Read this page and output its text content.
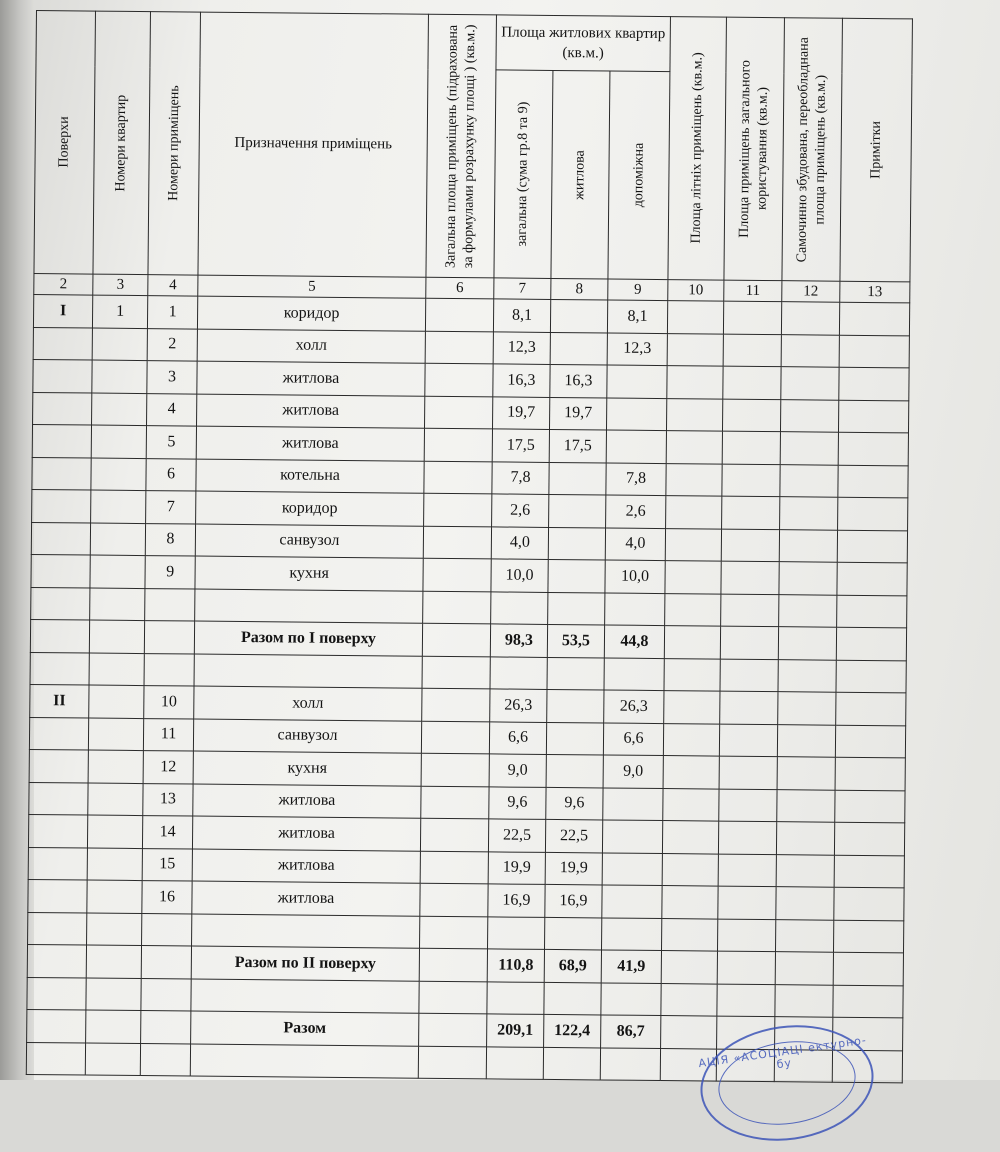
Поверхи	Номери квартир	Номери приміщень	Призначення приміщень	Загальна площа приміщень (підрахована за формулами розрахунку площі ) (кв.м.)	Площа житлових квартир (кв.м.)			Площа літніх приміщень (кв.м.)	Площа приміщень загального користування (кв.м.)	Самочинно збудована, переобладнана площа приміщень (кв.м.)	Примітки

					загальна (сума гр.8 та 9)	житлова	допоміжна				

2	3	4	5	6	7	8	9	10	11	12	13
I	1	1	коридор		8,1		8,1				
		2	холл		12,3		12,3				
		3	житлова		16,3	16,3					
		4	житлова		19,7	19,7					
		5	житлова		17,5	17,5					
		6	котельна		7,8		7,8				
		7	коридор		2,6		2,6				
		8	санвузол		4,0		4,0				
		9	кухня		10,0		10,0				

			Разом по І поверху		98,3	53,5	44,8				

ІІ		10	холл		26,3		26,3				
		11	санвузол		6,6		6,6				
		12	кухня		9,0		9,0				
		13	житлова		9,6	9,6					
		14	житлова		22,5	22,5					
		15	житлова		19,9	19,9					
		16	житлова		16,9	16,9					

			Разом по ІІ поверху		110,8	68,9	41,9				

			Разом		209,1	122,4	86,7				

АЦІЯ «АСОЦІАЦІ ектурно-бу
